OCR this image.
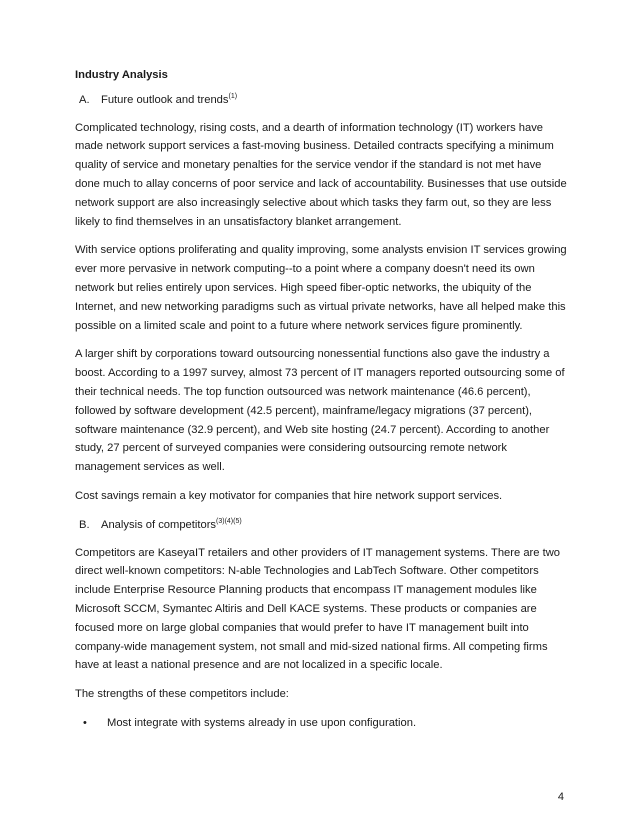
Industry Analysis
A. Future outlook and trends$^{(1)}$

Complicated technology, rising costs, and a dearth of information technology (IT) workers have made network support services a fast-moving business. Detailed contracts specifying a minimum quality of service and monetary penalties for the service vendor if the standard is not met have done much to allay concerns of poor service and lack of accountability. Businesses that use outside network support are also increasingly selective about which tasks they farm out, so they are less likely to find themselves in an unsatisfactory blanket arrangement.

With service options proliferating and quality improving, some analysts envision IT services growing ever more pervasive in network computing--to a point where a company doesn't need its own network but relies entirely upon services. High speed fiber-optic networks, the ubiquity of the Internet, and new networking paradigms such as virtual private networks, have all helped make this possible on a limited scale and point to a future where network services figure prominently.

A larger shift by corporations toward outsourcing nonessential functions also gave the industry a boost. According to a 1997 survey, almost 73 percent of IT managers reported outsourcing some of their technical needs. The top function outsourced was network maintenance (46.6 percent), followed by software development (42.5 percent), mainframe/legacy migrations (37 percent), software maintenance (32.9 percent), and Web site hosting (24.7 percent). According to another study, 27 percent of surveyed companies were considering outsourcing remote network management services as well.

Cost savings remain a key motivator for companies that hire network support services.

B. Analysis of competitors$^{(3)(4)(5)}$

Competitors are KaseyaIT retailers and other providers of IT management systems. There are two direct well-known competitors: N-able Technologies and LabTech Software. Other competitors include Enterprise Resource Planning products that encompass IT management modules like Microsoft SCCM, Symantec Altiris and Dell KACE systems. These products or companies are focused more on large global companies that would prefer to have IT management built into company-wide management system, not small and mid-sized national firms. All competing firms have at least a national presence and are not localized in a specific locale.

The strengths of these competitors include:

•	Most integrate with systems already in use upon configuration.
4
